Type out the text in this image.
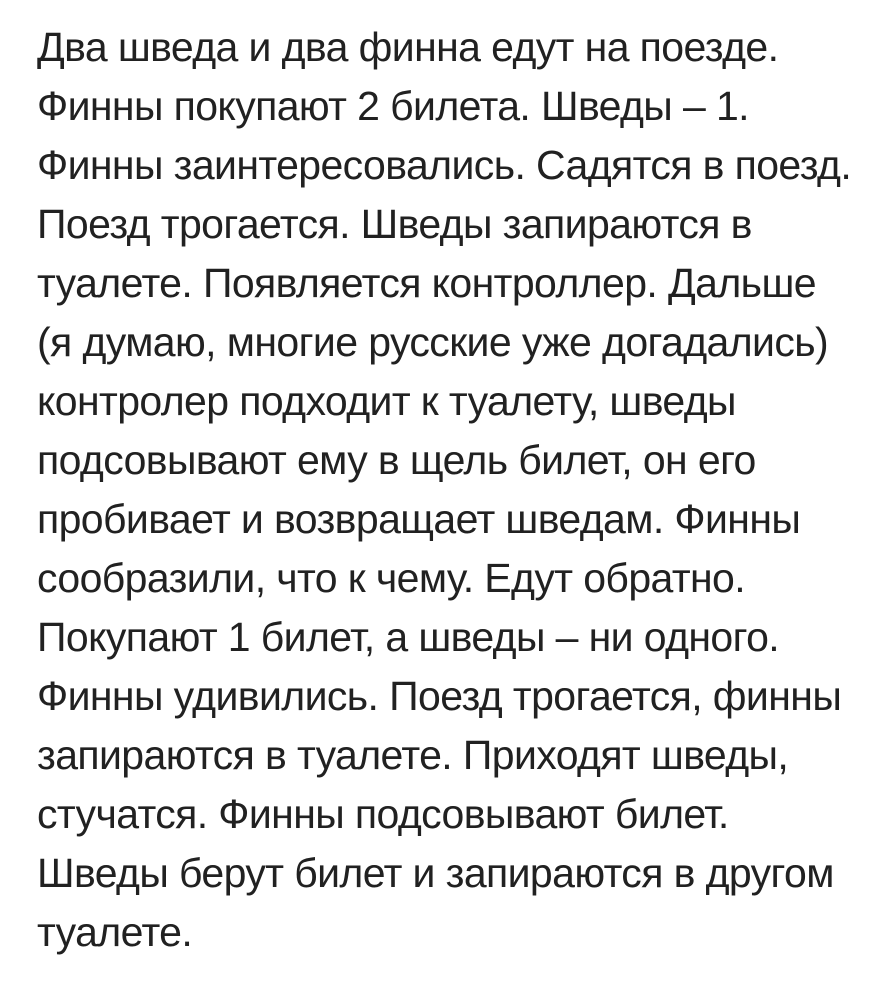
Два шведа и два финна едут на поезде.
Финны покупают 2 билета. Шведы – 1.
Финны заинтересовались. Садятся в поезд.
Поезд трогается. Шведы запираются в
туалете. Появляется контроллер. Дальше
(я думаю, многие русские уже догадались)
контролер подходит к туалету, шведы
подсовывают ему в щель билет, он его
пробивает и возвращает шведам. Финны
сообразили, что к чему. Едут обратно.
Покупают 1 билет, а шведы – ни одного.
Финны удивились. Поезд трогается, финны
запираются в туалете. Приходят шведы,
стучатся. Финны подсовывают билет.
Шведы берут билет и запираются в другом
туалете.
